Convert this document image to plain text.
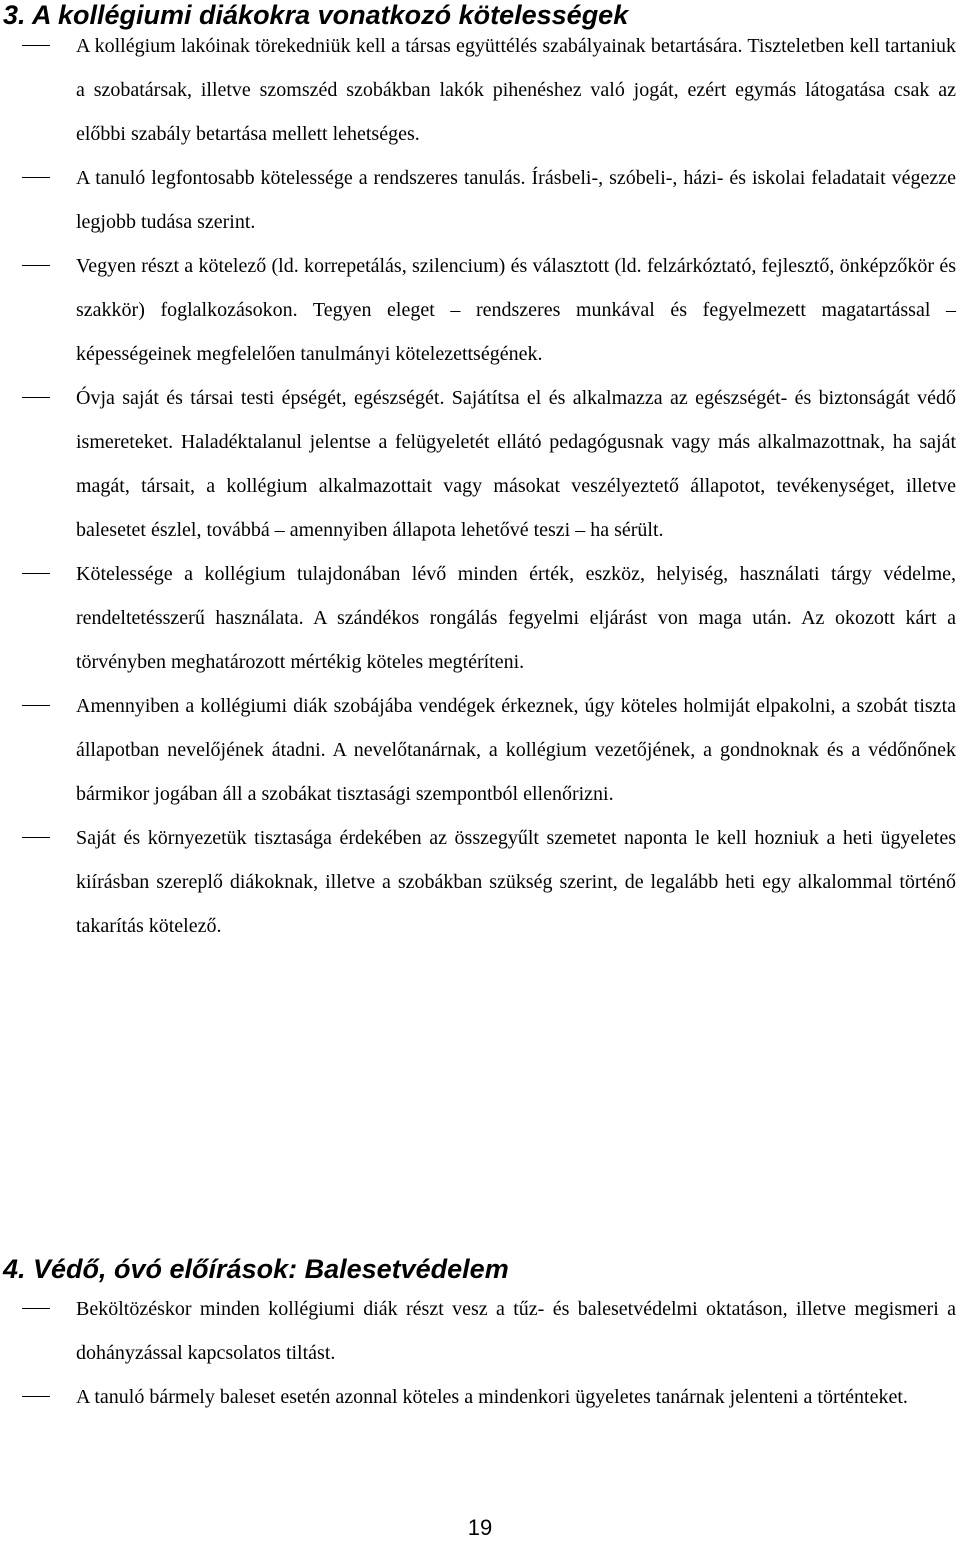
3. A kollégiumi diákokra vonatkozó kötelességek
A kollégium lakóinak törekedniük kell a társas együttélés szabályainak betartására. Tiszteletben kell tartaniuk a szobatársak, illetve szomszéd szobákban lakók pihenéshez való jogát, ezért egymás látogatása csak az előbbi szabály betartása mellett lehetséges.
A tanuló legfontosabb kötelessége a rendszeres tanulás. Írásbeli-, szóbeli-, házi- és iskolai feladatait végezze legjobb tudása szerint.
Vegyen részt a kötelező (ld. korrepetálás, szilencium) és választott (ld. felzárkóztató, fejlesztő, önképzőkör és szakkör) foglalkozásokon. Tegyen eleget – rendszeres munkával és fegyelmezett magatartással – képességeinek megfelelően tanulmányi kötelezettségének.
Óvja saját és társai testi épségét, egészségét. Sajátítsa el és alkalmazza az egészségét- és biztonságát védő ismereteket. Haladéktalanul jelentse a felügyeletét ellátó pedagógusnak vagy más alkalmazottnak, ha saját magát, társait, a kollégium alkalmazottait vagy másokat veszélyeztető állapotot, tevékenységet, illetve balesetet észlel, továbbá – amennyiben állapota lehetővé teszi – ha sérült.
Kötelessége a kollégium tulajdonában lévő minden érték, eszköz, helyiség, használati tárgy védelme, rendeltetésszerű használata. A szándékos rongálás fegyelmi eljárást von maga után. Az okozott kárt a törvényben meghatározott mértékig köteles megtéríteni.
Amennyiben a kollégiumi diák szobájába vendégek érkeznek, úgy köteles holmiját elpakolni, a szobát tiszta állapotban nevelőjének átadni. A nevelőtanárnak, a kollégium vezetőjének, a gondnoknak és a védőnőnek bármikor jogában áll a szobákat tisztasági szempontból ellenőrizni.
Saját és környezetük tisztasága érdekében az összegyűlt szemetet naponta le kell hozniuk a heti ügyeletes kiírásban szereplő diákoknak, illetve a szobákban szükség szerint, de legalább heti egy alkalommal történő takarítás kötelező.
4. Védő, óvó előírások: Balesetvédelem
Beköltözéskor minden kollégiumi diák részt vesz a tűz- és balesetvédelmi oktatáson, illetve megismeri a dohányzással kapcsolatos tiltást.
A tanuló bármely baleset esetén azonnal köteles a mindenkori ügyeletes tanárnak jelenteni a történteket.
19
